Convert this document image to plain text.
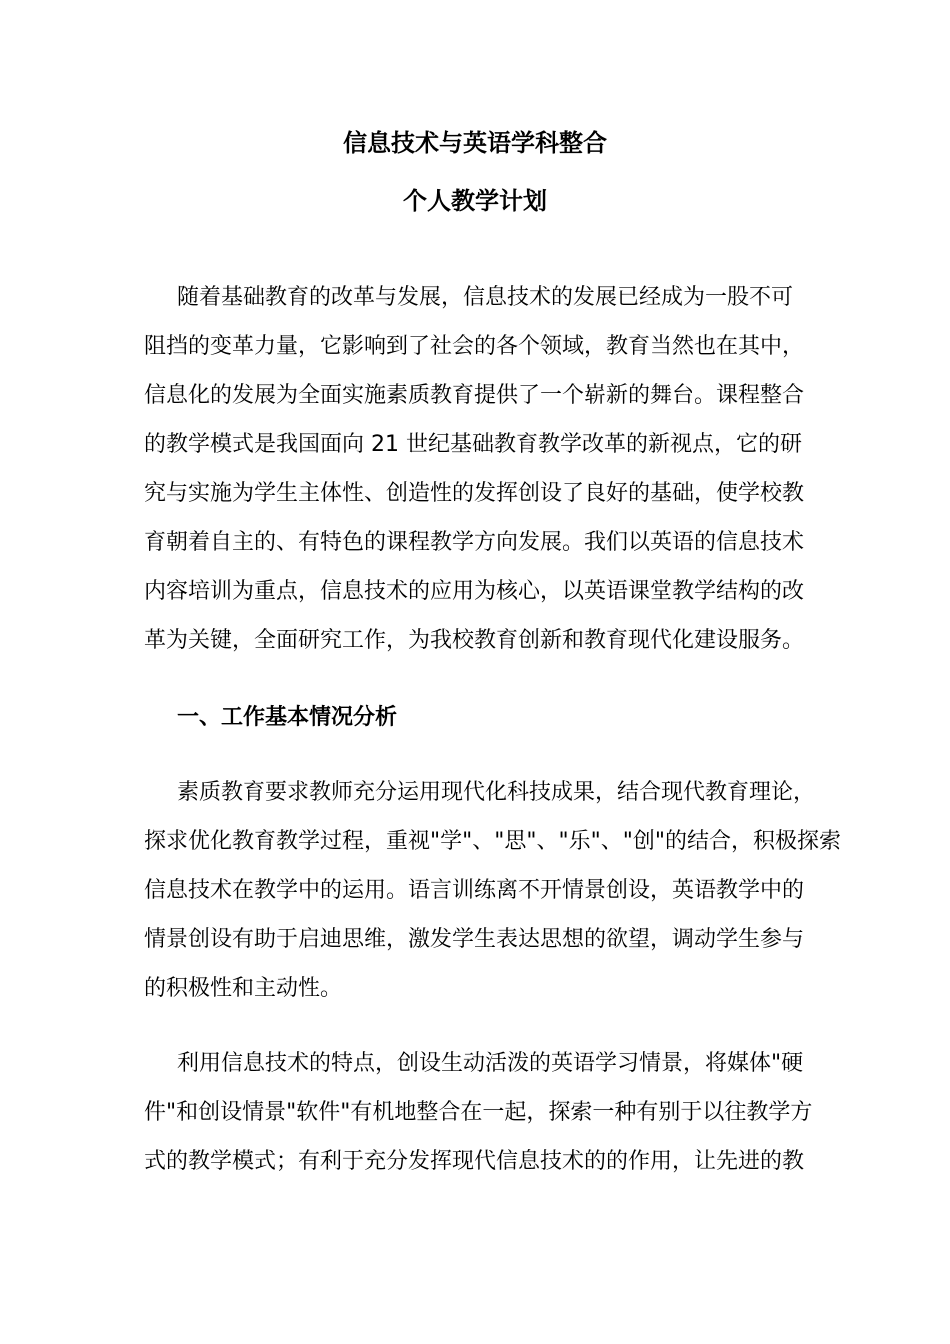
信息技术与英语学科整合
个人教学计划
随着基础教育的改革与发展，信息技术的发展已经成为一股不可
阻挡的变革力量，它影响到了社会的各个领域，教育当然也在其中，
信息化的发展为全面实施素质教育提供了一个崭新的舞台。课程整合
的教学模式是我国面向 21 世纪基础教育教学改革的新视点，它的研
究与实施为学生主体性、创造性的发挥创设了良好的基础，使学校教
育朝着自主的、有特色的课程教学方向发展。我们以英语的信息技术
内容培训为重点，信息技术的应用为核心，以英语课堂教学结构的改
革为关键，全面研究工作，为我校教育创新和教育现代化建设服务。
一、工作基本情况分析
素质教育要求教师充分运用现代化科技成果，结合现代教育理论，
探求优化教育教学过程，重视"学"、"思"、"乐"、"创"的结合，积极探索
信息技术在教学中的运用。语言训练离不开情景创设，英语教学中的
情景创设有助于启迪思维，激发学生表达思想的欲望，调动学生参与
的积极性和主动性。
利用信息技术的特点，创设生动活泼的英语学习情景，将媒体"硬
件"和创设情景"软件"有机地整合在一起，探索一种有别于以往教学方
式的教学模式；有利于充分发挥现代信息技术的的作用，让先进的教
